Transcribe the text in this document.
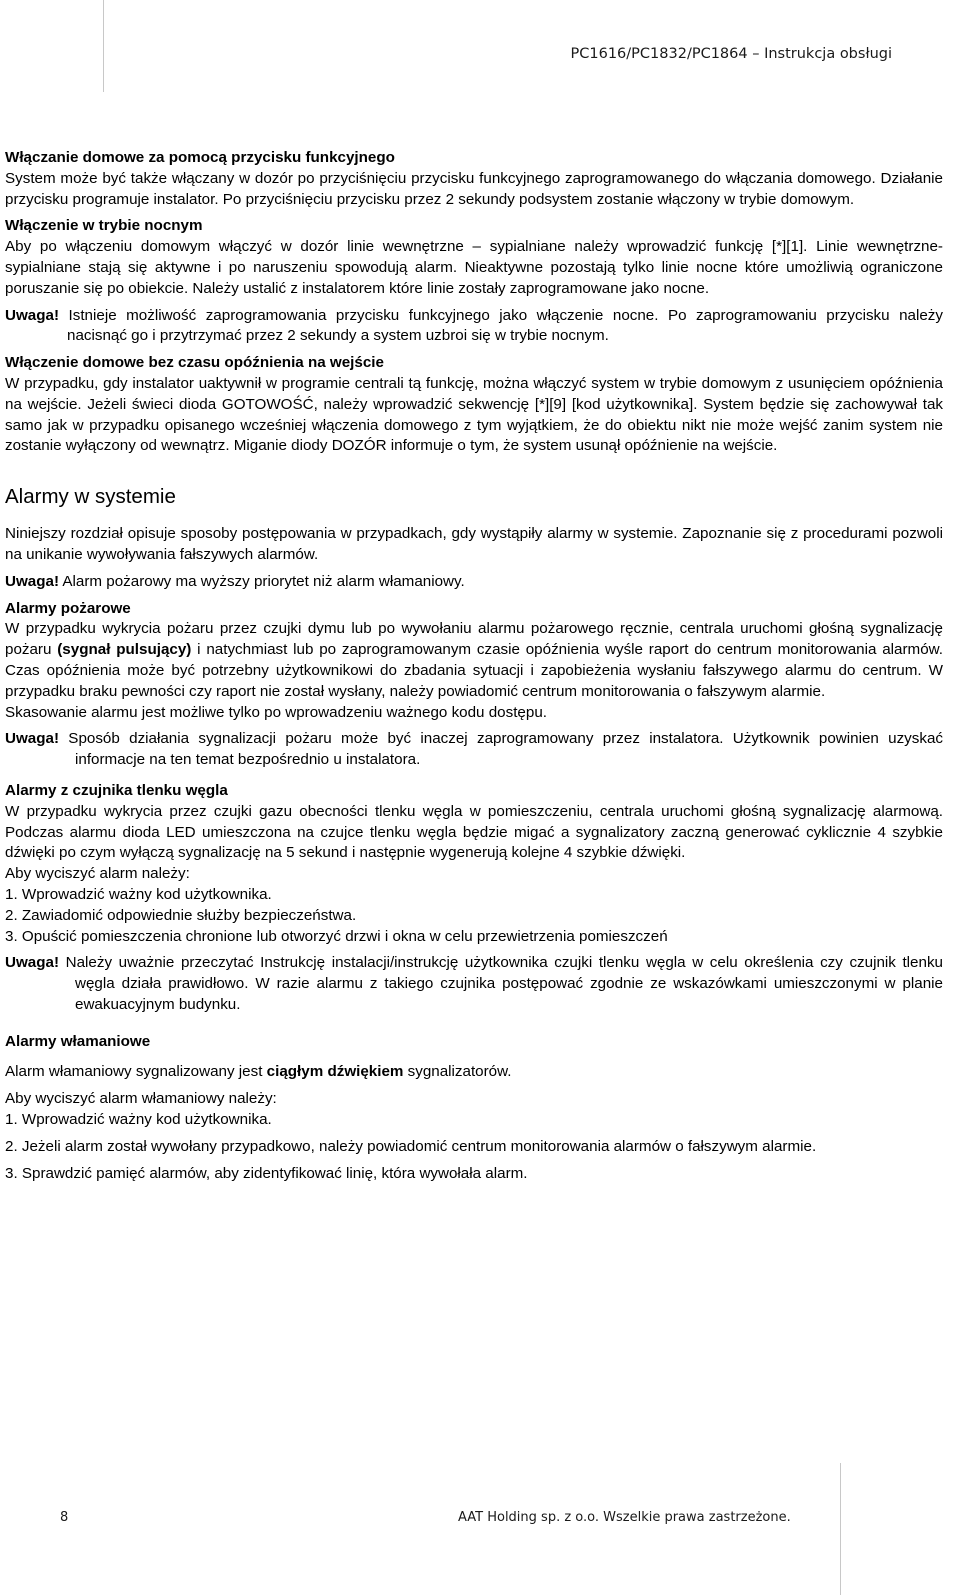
PC1616/PC1832/PC1864 – Instrukcja obsługi

Włączanie domowe za pomocą przycisku funkcyjnego

System może być także włączany w dozór po przyciśnięciu przycisku funkcyjnego zaprogramowanego do włączania domowego. Działanie przycisku programuje instalator. Po przyciśnięciu przycisku przez 2 sekundy podsystem zostanie włączony w trybie domowym.

Włączenie w trybie nocnym

Aby po włączeniu domowym włączyć w dozór linie wewnętrzne – sypialniane należy wprowadzić funkcję [*][1]. Linie wewnętrzne-sypialniane stają się aktywne i po naruszeniu spowodują alarm. Nieaktywne pozostają tylko linie nocne które umożliwią ograniczone poruszanie się po obiekcie. Należy ustalić z instalatorem które linie zostały zaprogramowane jako nocne.

Uwaga! Istnieje możliwość zaprogramowania przycisku funkcyjnego jako włączenie nocne. Po zaprogramowaniu przycisku należy nacisnąć go i przytrzymać przez 2 sekundy a system uzbroi się w trybie nocnym.

Włączenie domowe bez czasu opóźnienia na wejście

W przypadku, gdy instalator uaktywnił w programie centrali tą funkcję, można włączyć system w trybie domowym z usunięciem opóźnienia na wejście. Jeżeli świeci dioda GOTOWOŚĆ, należy wprowadzić sekwencję [*][9] [kod użytkownika]. System będzie się zachowywał tak samo jak w przypadku opisanego wcześniej włączenia domowego z tym wyjątkiem, że do obiektu nikt nie może wejść zanim system nie zostanie wyłączony od wewnątrz. Miganie diody DOZÓR informuje o tym, że system usunął opóźnienie na wejście.

Alarmy w systemie

Niniejszy rozdział opisuje sposoby postępowania w przypadkach, gdy wystąpiły alarmy w systemie. Zapoznanie się z procedurami pozwoli na unikanie wywoływania fałszywych alarmów.

Uwaga! Alarm pożarowy ma wyższy priorytet niż alarm włamaniowy.

Alarmy pożarowe

W przypadku wykrycia pożaru przez czujki dymu lub po wywołaniu alarmu pożarowego ręcznie, centrala uruchomi głośną sygnalizację pożaru (sygnał pulsujący) i natychmiast lub po zaprogramowanym czasie opóźnienia wyśle raport do centrum monitorowania alarmów. Czas opóźnienia może być potrzebny użytkownikowi do zbadania sytuacji i zapobieżenia wysłaniu fałszywego alarmu do centrum. W przypadku braku pewności czy raport nie został wysłany, należy powiadomić centrum monitorowania o fałszywym alarmie.

Skasowanie alarmu jest możliwe tylko po wprowadzeniu ważnego kodu dostępu.

Uwaga! Sposób działania sygnalizacji pożaru może być inaczej zaprogramowany przez instalatora. Użytkownik powinien uzyskać informacje na ten temat bezpośrednio u instalatora.

Alarmy z czujnika tlenku węgla

W przypadku wykrycia przez czujki gazu obecności tlenku węgla w pomieszczeniu, centrala uruchomi głośną sygnalizację alarmową. Podczas alarmu dioda LED umieszczona na czujce tlenku węgla będzie migać a sygnalizatory zaczną generować cyklicznie 4 szybkie dźwięki po czym wyłączą sygnalizację na 5 sekund i następnie wygenerują kolejne 4 szybkie dźwięki.

Aby wyciszyć alarm należy:

1. Wprowadzić ważny kod użytkownika.

2. Zawiadomić odpowiednie służby bezpieczeństwa.

3. Opuścić pomieszczenia chronione lub otworzyć drzwi i okna w celu przewietrzenia pomieszczeń

Uwaga! Należy uważnie przeczytać Instrukcję instalacji/instrukcję użytkownika czujki tlenku węgla w celu określenia czy czujnik tlenku węgla działa prawidłowo. W razie alarmu z takiego czujnika postępować zgodnie ze wskazówkami umieszczonymi w planie ewakuacyjnym budynku.

Alarmy włamaniowe

Alarm włamaniowy sygnalizowany jest ciągłym dźwiękiem sygnalizatorów.

Aby wyciszyć alarm włamaniowy należy:

1. Wprowadzić ważny kod użytkownika.

2. Jeżeli alarm został wywołany przypadkowo, należy powiadomić centrum monitorowania alarmów o fałszywym alarmie.

3. Sprawdzić pamięć alarmów, aby zidentyfikować linię, która wywołała alarm.

8	AAT Holding sp. z o.o. Wszelkie prawa zastrzeżone.
